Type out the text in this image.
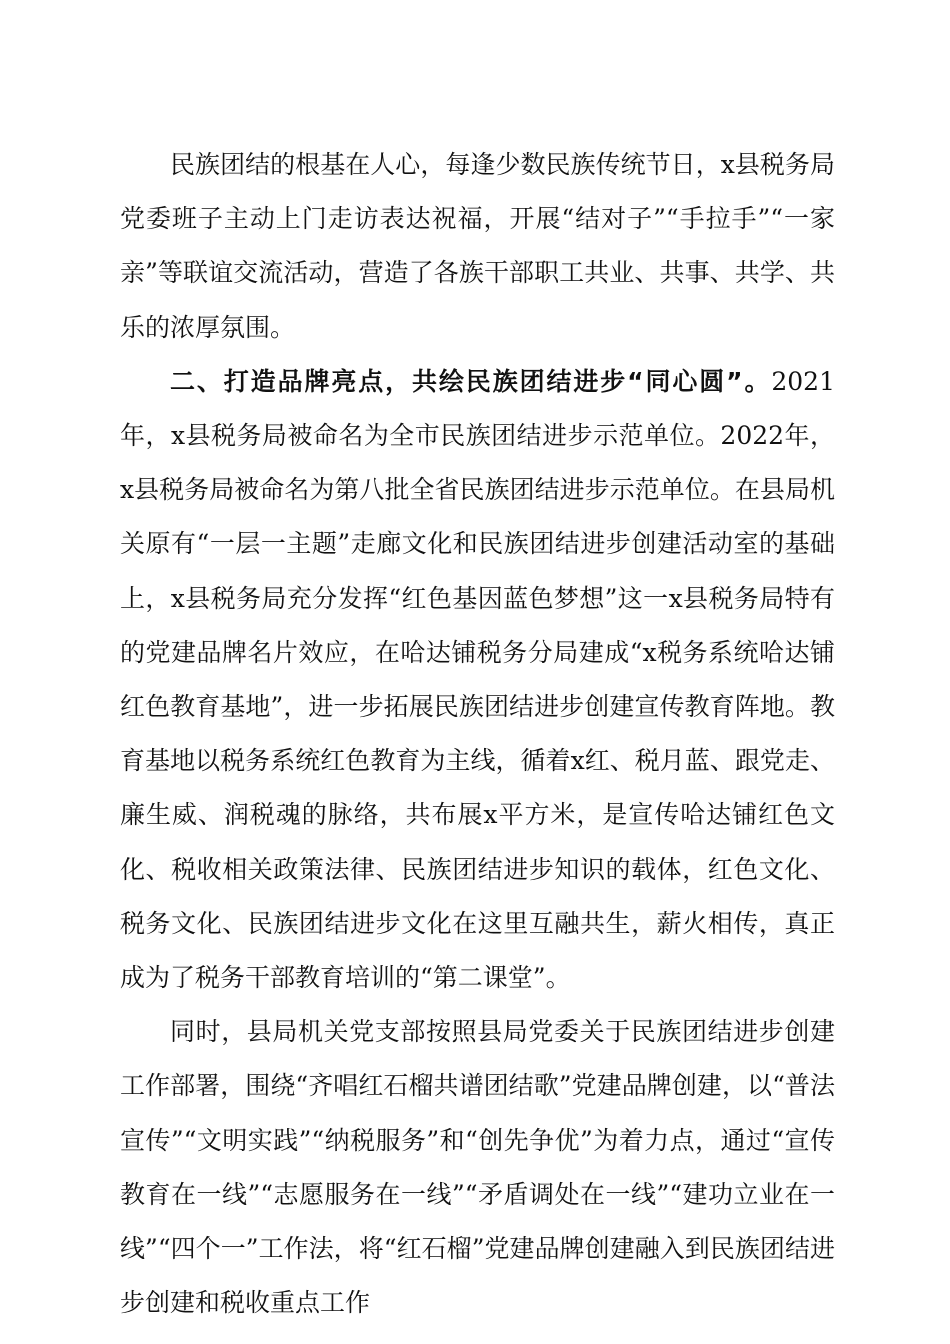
民族团结的根基在人心，每逢少数民族传统节日，x县税务局党委班子主动上门走访表达祝福，开展“结对子”“手拉手”“一家亲”等联谊交流活动，营造了各族干部职工共业、共事、共学、共乐的浓厚氛围。

二、打造品牌亮点，共绘民族团结进步“同心圆”。2021年，x县税务局被命名为全市民族团结进步示范单位。2022年，x县税务局被命名为第八批全省民族团结进步示范单位。在县局机关原有“一层一主题”走廊文化和民族团结进步创建活动室的基础上，x县税务局充分发挥“红色基因蓝色梦想”这一x县税务局特有的党建品牌名片效应，在哈达铺税务分局建成“x税务系统哈达铺红色教育基地”，进一步拓展民族团结进步创建宣传教育阵地。教育基地以税务系统红色教育为主线，循着x红、税月蓝、跟党走、廉生威、润税魂的脉络，共布展x平方米，是宣传哈达铺红色文化、税收相关政策法律、民族团结进步知识的载体，红色文化、税务文化、民族团结进步文化在这里互融共生，薪火相传，真正成为了税务干部教育培训的“第二课堂”。

同时，县局机关党支部按照县局党委关于民族团结进步创建工作部署，围绕“齐唱红石榴共谱团结歌”党建品牌创建，以“普法宣传”“文明实践”“纳税服务”和“创先争优”为着力点，通过“宣传教育在一线”“志愿服务在一线”“矛盾调处在一线”“建功立业在一线”“四个一”工作法，将“红石榴”党建品牌创建融入到民族团结进步创建和税收重点工作
